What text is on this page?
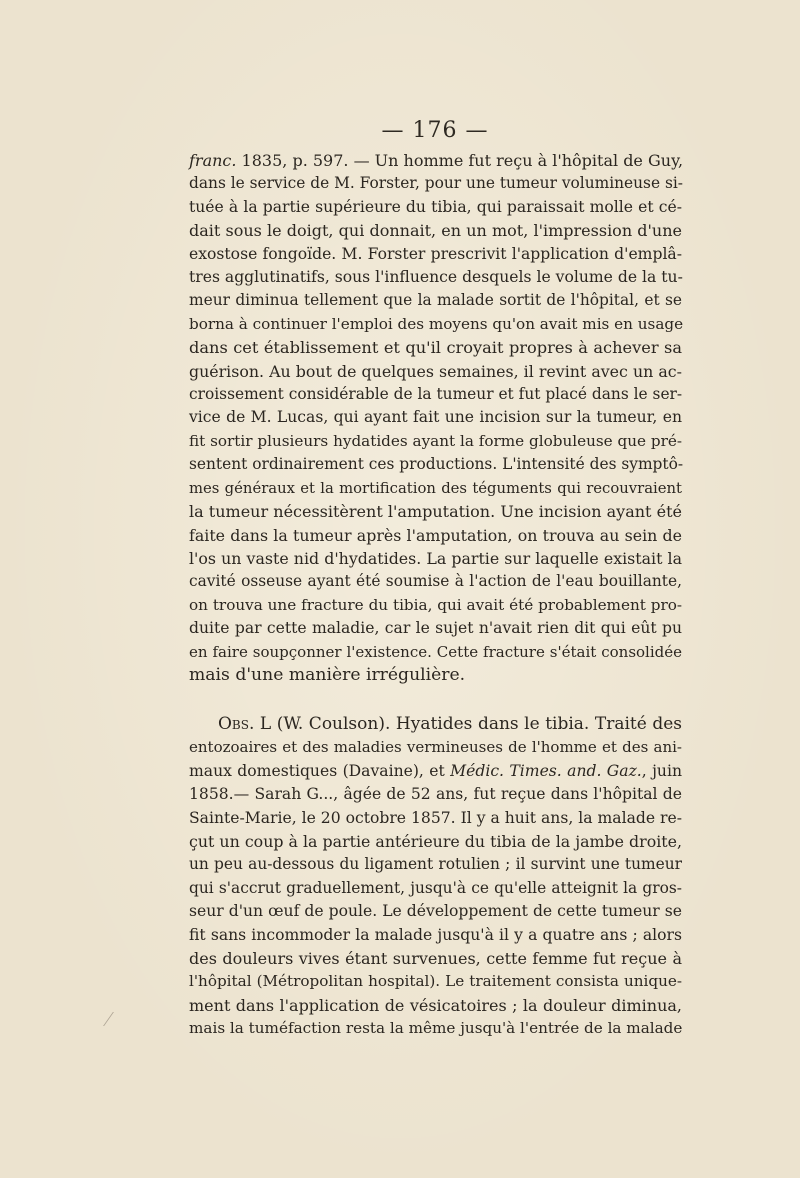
— 176 —
franc. 1835, p. 597. — Un homme fut reçu à l'hôpital de Guy,
dans le service de M. Forster, pour une tumeur volumineuse si-
tuée à la partie supérieure du tibia, qui paraissait molle et cé-
dait sous le doigt, qui donnait, en un mot, l'impression d'une
exostose fongoïde. M. Forster prescrivit l'application d'emplâ-
tres agglutinatifs, sous l'influence desquels le volume de la tu-
meur diminua tellement que la malade sortit de l'hôpital, et se
borna à continuer l'emploi des moyens qu'on avait mis en usage
dans cet établissement et qu'il croyait propres à achever sa
guérison. Au bout de quelques semaines, il revint avec un ac-
croissement considérable de la tumeur et fut placé dans le ser-
vice de M. Lucas, qui ayant fait une incision sur la tumeur, en
fit sortir plusieurs hydatides ayant la forme globuleuse que pré-
sentent ordinairement ces productions. L'intensité des symptô-
mes généraux et la mortification des téguments qui recouvraient
la tumeur nécessitèrent l'amputation. Une incision ayant été
faite dans la tumeur après l'amputation, on trouva au sein de
l'os un vaste nid d'hydatides. La partie sur laquelle existait la
cavité osseuse ayant été soumise à l'action de l'eau bouillante,
on trouva une fracture du tibia, qui avait été probablement pro-
duite par cette maladie, car le sujet n'avait rien dit qui eût pu
en faire soupçonner l'existence. Cette fracture s'était consolidée
mais d'une manière irrégulière.
Obs. L (W. Coulson). Hyatides dans le tibia. Traité des
entozoaires et des maladies vermineuses de l'homme et des ani-
maux domestiques (Davaine), et Médic. Times. and. Gaz., juin
1858.— Sarah G..., âgée de 52 ans, fut reçue dans l'hôpital de
Sainte-Marie, le 20 octobre 1857. Il y a huit ans, la malade re-
çut un coup à la partie antérieure du tibia de la jambe droite,
un peu au-dessous du ligament rotulien ; il survint une tumeur
qui s'accrut graduellement, jusqu'à ce qu'elle atteignit la gros-
seur d'un œuf de poule. Le développement de cette tumeur se
fit sans incommoder la malade jusqu'à il y a quatre ans ; alors
des douleurs vives étant survenues, cette femme fut reçue à
l'hôpital (Métropolitan hospital). Le traitement consista unique-
ment dans l'application de vésicatoires ; la douleur diminua,
mais la tuméfaction resta la même jusqu'à l'entrée de la malade
